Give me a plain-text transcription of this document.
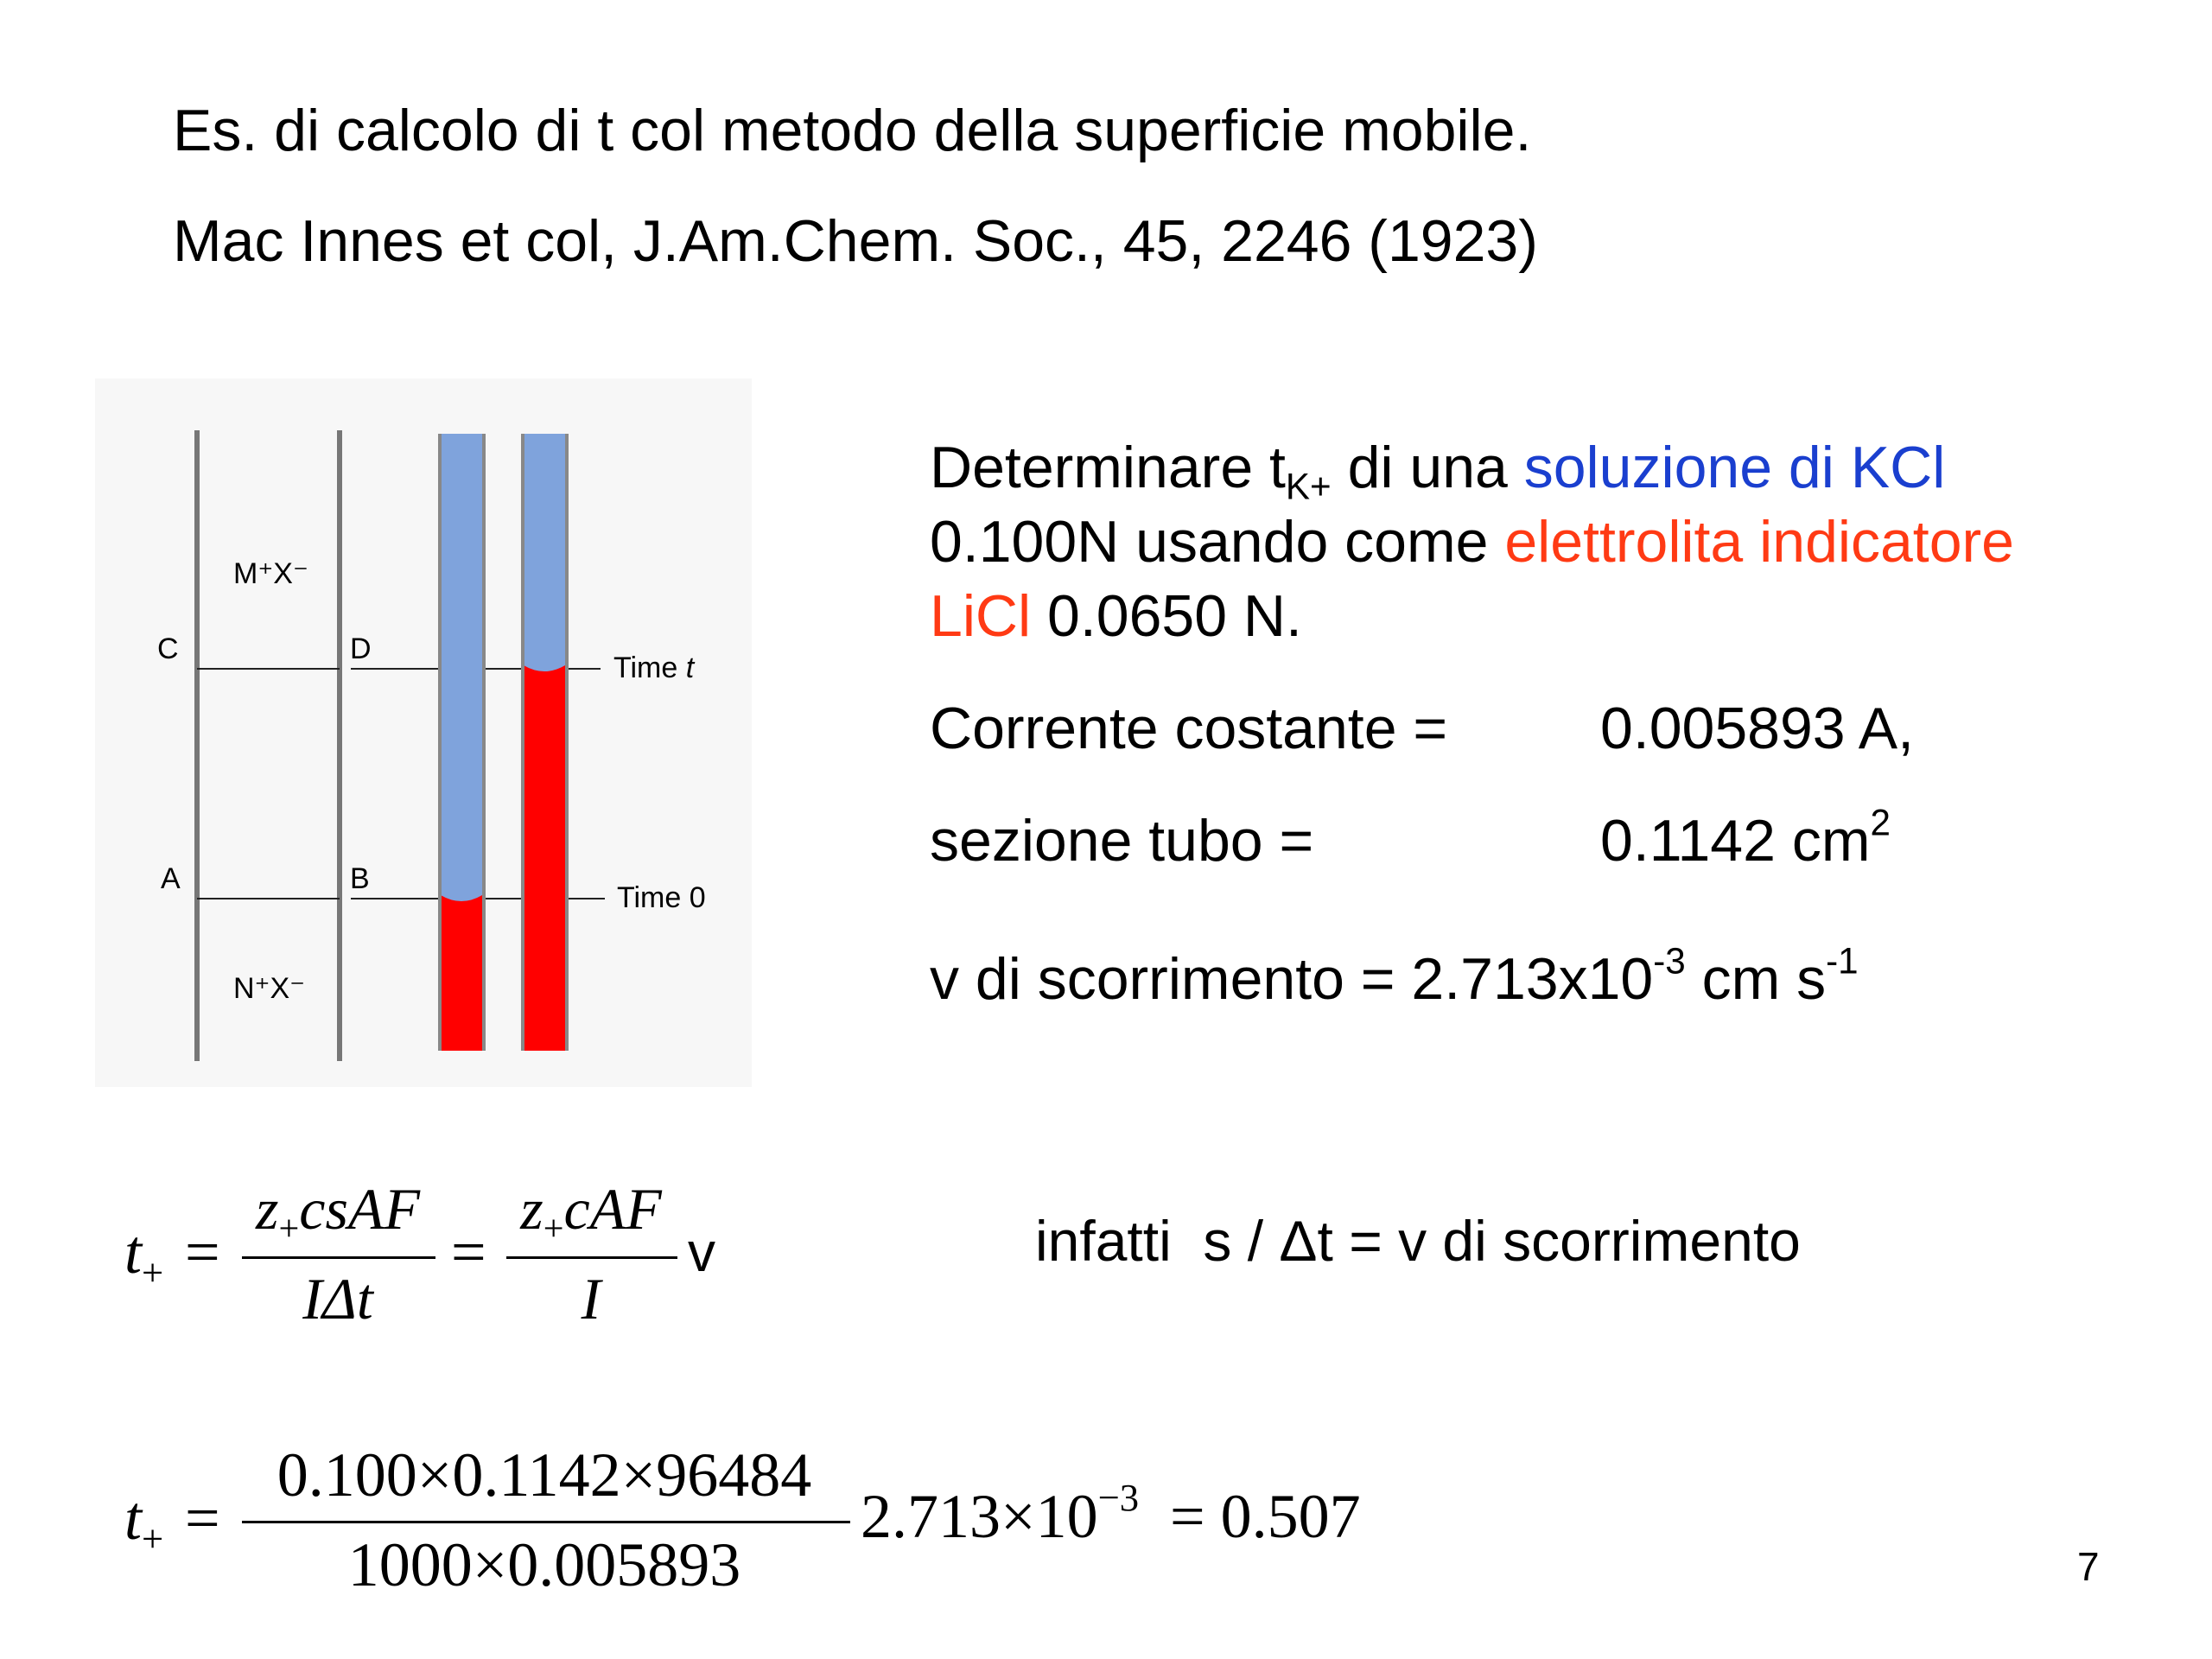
Es. di calcolo di t col metodo della superficie mobile.
Mac Innes et col, J.Am.Chem. Soc., 45, 2246 (1923)
M⁺X⁻
N⁺X⁻
C	D
A	B
Time t
Time 0
Determinare $t_{K+}$ di una soluzione di KCl
0.100N usando come elettrolita indicatore
LiCl 0.0650 N.
Corrente costante =	0.005893 A,
sezione tubo =	0.1142 $cm^2$
v di scorrimento = $2.713x10^{-3}$ cm $s^{-1}$
$t_+$ =
$z_+csAF$
IΔt
=
$z_+cAF$
I
v	infatti  s / Δt = v di scorrimento
$t_+$ =
0.100×0.1142×96484
1000×0.005893
$2.713\times 10^{-3} = 0.507$
7
